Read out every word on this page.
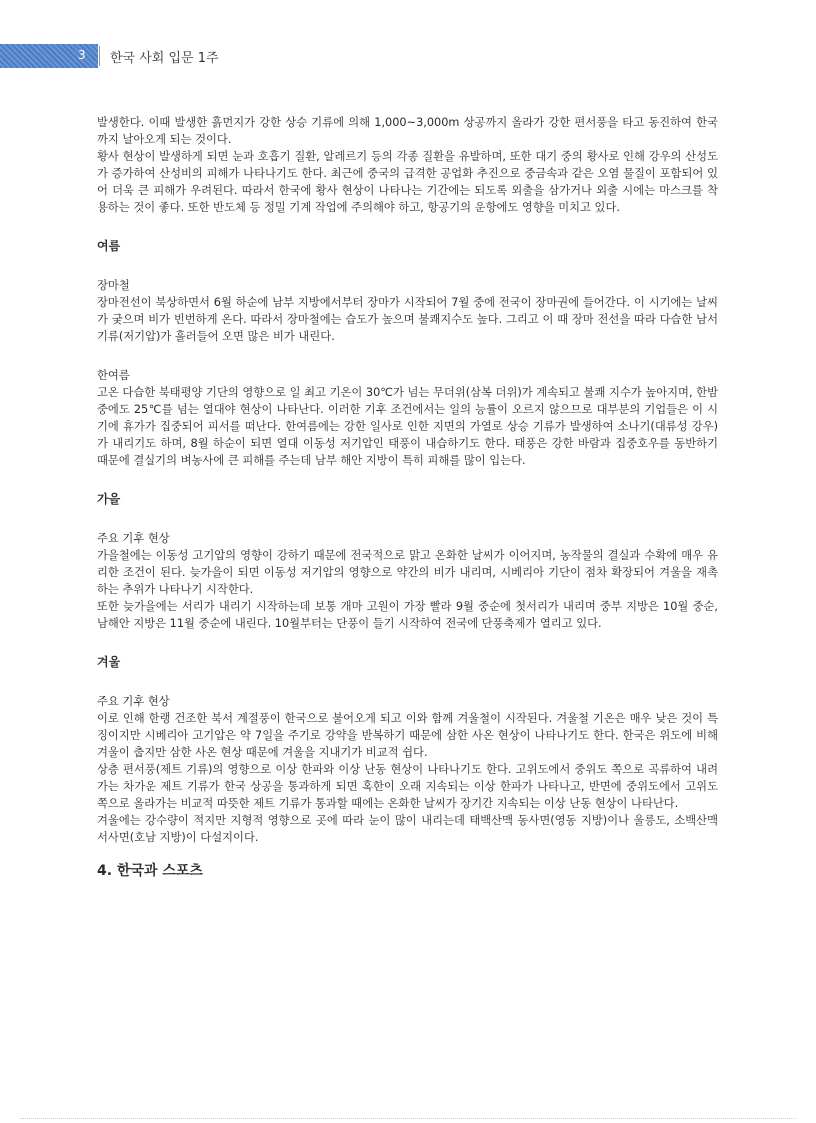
3 한국 사회 입문 1주

발생한다. 이때 발생한 흙먼지가 강한 상승 기류에 의해 1,000~3,000m 상공까지 올라가 강한 편서풍을 타고 동진하여 한국까지 날아오게 되는 것이다.

황사 현상이 발생하게 되면 눈과 호흡기 질환, 알레르기 등의 각종 질환을 유발하며, 또한 대기 중의 황사로 인해 강우의 산성도가 증가하여 산성비의 피해가 나타나기도 한다. 최근에 중국의 급격한 공업화 추진으로 중금속과 같은 오염 물질이 포함되어 있어 더욱 큰 피해가 우려된다. 따라서 한국에 황사 현상이 나타나는 기간에는 되도록 외출을 삼가거나 외출 시에는 마스크를 착용하는 것이 좋다. 또한 반도체 등 정밀 기계 작업에 주의해야 하고, 항공기의 운항에도 영향을 미치고 있다.

여름

장마철

장마전선이 북상하면서 6월 하순에 남부 지방에서부터 장마가 시작되어 7월 중에 전국이 장마권에 들어간다. 이 시기에는 날씨가 궂으며 비가 빈번하게 온다. 따라서 장마철에는 습도가 높으며 불쾌지수도 높다. 그리고 이 때 장마 전선을 따라 다습한 남서 기류(저기압)가 흘러들어 오면 많은 비가 내린다.

한여름

고온 다습한 북태평양 기단의 영향으로 일 최고 기온이 30℃가 넘는 무더위(삼복 더위)가 계속되고 불쾌 지수가 높아지며, 한밤 중에도 25℃를 넘는 열대야 현상이 나타난다. 이러한 기후 조건에서는 일의 능률이 오르지 않으므로 대부분의 기업들은 이 시기에 휴가가 집중되어 피서를 떠난다. 한여름에는 강한 일사로 인한 지면의 가열로 상승 기류가 발생하여 소나기(대류성 강우)가 내리기도 하며, 8월 하순이 되면 열대 이동성 저기압인 태풍이 내습하기도 한다. 태풍은 강한 바람과 집중호우를 동반하기 때문에 결실기의 벼농사에 큰 피해를 주는데 남부 해안 지방이 특히 피해를 많이 입는다.

가을

주요 기후 현상

가을철에는 이동성 고기압의 영향이 강하기 때문에 전국적으로 맑고 온화한 날씨가 이어지며, 농작물의 결실과 수확에 매우 유리한 조건이 된다. 늦가을이 되면 이동성 저기압의 영향으로 약간의 비가 내리며, 시베리아 기단이 점차 확장되어 겨울을 재촉하는 추위가 나타나기 시작한다.

또한 늦가을에는 서리가 내리기 시작하는데 보통 개마 고원이 가장 빨라 9월 중순에 첫서리가 내리며 중부 지방은 10월 중순, 남해안 지방은 11월 중순에 내린다. 10월부터는 단풍이 들기 시작하여 전국에 단풍축제가 열리고 있다.

겨울

주요 기후 현상

이로 인해 한랭 건조한 북서 계절풍이 한국으로 불어오게 되고 이와 함께 겨울철이 시작된다. 겨울철 기온은 매우 낮은 것이 특징이지만 시베리아 고기압은 약 7일을 주기로 강약을 반복하기 때문에 삼한 사온 현상이 나타나기도 한다. 한국은 위도에 비해 겨울이 춥지만 삼한 사온 현상 때문에 겨울을 지내기가 비교적 쉽다.

상층 편서풍(제트 기류)의 영향으로 이상 한파와 이상 난동 현상이 나타나기도 한다. 고위도에서 중위도 쪽으로 곡류하여 내려가는 차가운 제트 기류가 한국 상공을 통과하게 되면 혹한이 오래 지속되는 이상 한파가 나타나고, 반면에 중위도에서 고위도 쪽으로 올라가는 비교적 따뜻한 제트 기류가 통과할 때에는 온화한 날씨가 장기간 지속되는 이상 난동 현상이 나타난다.

겨울에는 강수량이 적지만 지형적 영향으로 곳에 따라 눈이 많이 내리는데 태백산맥 동사면(영동 지방)이나 울릉도, 소백산맥 서사면(호남 지방)이 다설지이다.

4. 한국과 스포츠
